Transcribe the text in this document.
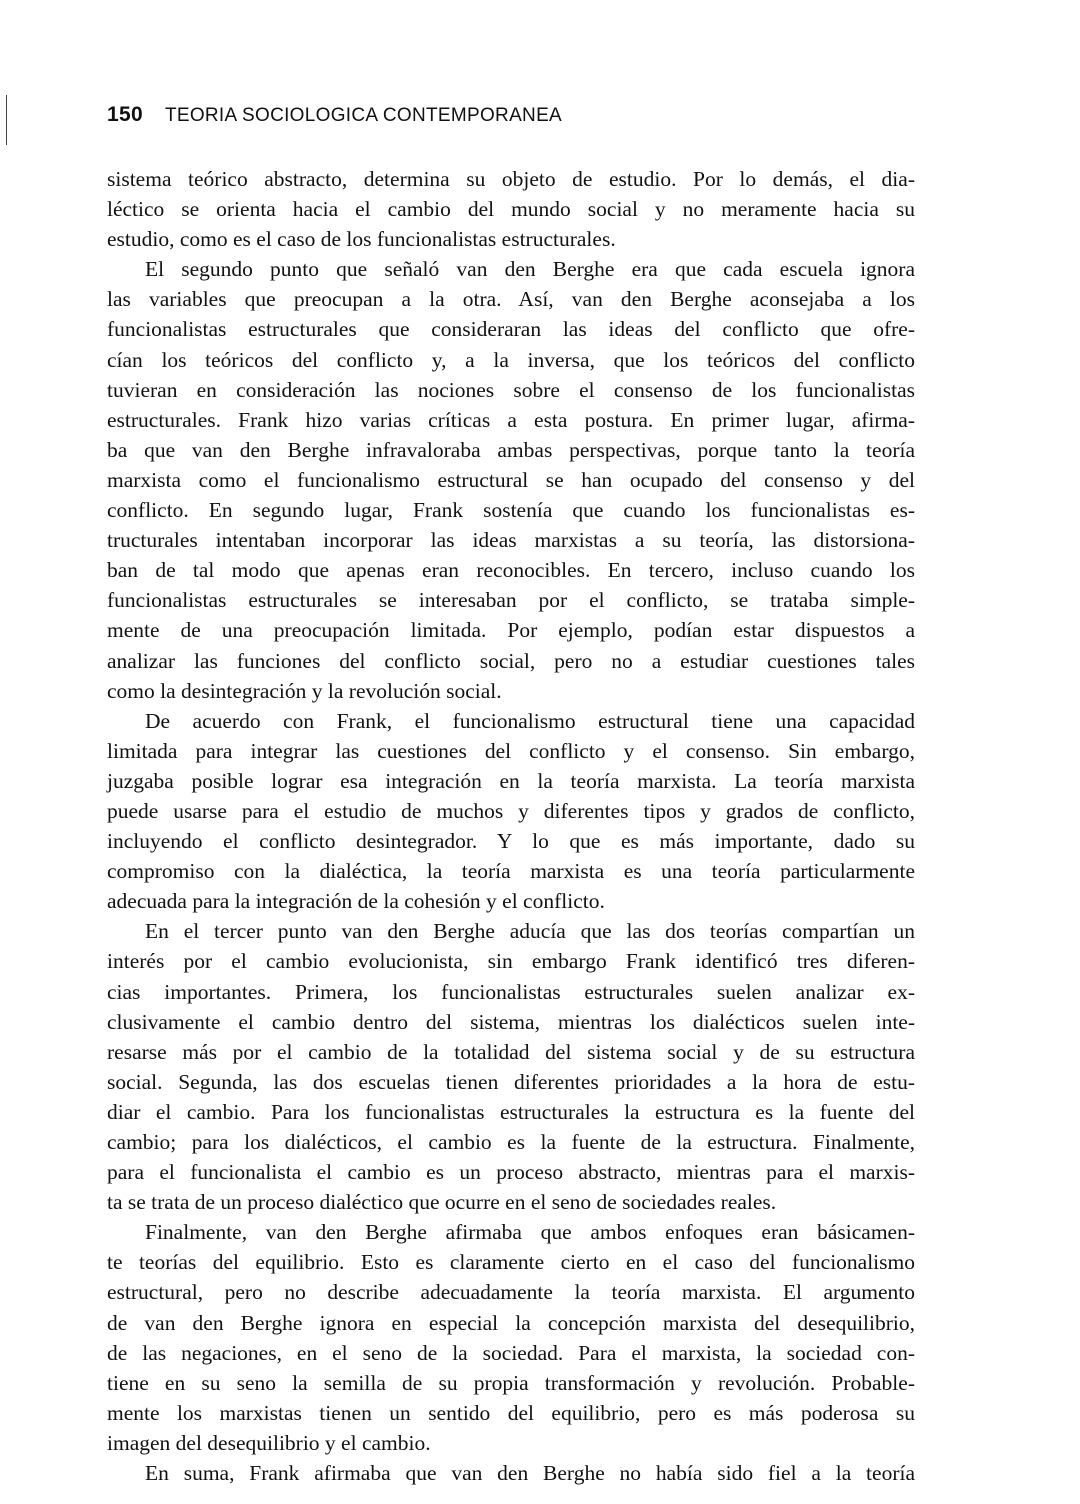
150 TEORIA SOCIOLOGICA CONTEMPORANEA
sistema teórico abstracto, determina su objeto de estudio. Por lo demás, el dia-
léctico se orienta hacia el cambio del mundo social y no meramente hacia su
estudio, como es el caso de los funcionalistas estructurales.
El segundo punto que señaló van den Berghe era que cada escuela ignora
las variables que preocupan a la otra. Así, van den Berghe aconsejaba a los
funcionalistas estructurales que consideraran las ideas del conflicto que ofre-
cían los teóricos del conflicto y, a la inversa, que los teóricos del conflicto
tuvieran en consideración las nociones sobre el consenso de los funcionalistas
estructurales. Frank hizo varias críticas a esta postura. En primer lugar, afirma-
ba que van den Berghe infravaloraba ambas perspectivas, porque tanto la teoría
marxista como el funcionalismo estructural se han ocupado del consenso y del
conflicto. En segundo lugar, Frank sostenía que cuando los funcionalistas es-
tructurales intentaban incorporar las ideas marxistas a su teoría, las distorsiona-
ban de tal modo que apenas eran reconocibles. En tercero, incluso cuando los
funcionalistas estructurales se interesaban por el conflicto, se trataba simple-
mente de una preocupación limitada. Por ejemplo, podían estar dispuestos a
analizar las funciones del conflicto social, pero no a estudiar cuestiones tales
como la desintegración y la revolución social.
De acuerdo con Frank, el funcionalismo estructural tiene una capacidad
limitada para integrar las cuestiones del conflicto y el consenso. Sin embargo,
juzgaba posible lograr esa integración en la teoría marxista. La teoría marxista
puede usarse para el estudio de muchos y diferentes tipos y grados de conflicto,
incluyendo el conflicto desintegrador. Y lo que es más importante, dado su
compromiso con la dialéctica, la teoría marxista es una teoría particularmente
adecuada para la integración de la cohesión y el conflicto.
En el tercer punto van den Berghe aducía que las dos teorías compartían un
interés por el cambio evolucionista, sin embargo Frank identificó tres diferen-
cias importantes. Primera, los funcionalistas estructurales suelen analizar ex-
clusivamente el cambio dentro del sistema, mientras los dialécticos suelen inte-
resarse más por el cambio de la totalidad del sistema social y de su estructura
social. Segunda, las dos escuelas tienen diferentes prioridades a la hora de estu-
diar el cambio. Para los funcionalistas estructurales la estructura es la fuente del
cambio; para los dialécticos, el cambio es la fuente de la estructura. Finalmente,
para el funcionalista el cambio es un proceso abstracto, mientras para el marxis-
ta se trata de un proceso dialéctico que ocurre en el seno de sociedades reales.
Finalmente, van den Berghe afirmaba que ambos enfoques eran básicamen-
te teorías del equilibrio. Esto es claramente cierto en el caso del funcionalismo
estructural, pero no describe adecuadamente la teoría marxista. El argumento
de van den Berghe ignora en especial la concepción marxista del desequilibrio,
de las negaciones, en el seno de la sociedad. Para el marxista, la sociedad con-
tiene en su seno la semilla de su propia transformación y revolución. Probable-
mente los marxistas tienen un sentido del equilibrio, pero es más poderosa su
imagen del desequilibrio y el cambio.
En suma, Frank afirmaba que van den Berghe no había sido fiel a la teoría
